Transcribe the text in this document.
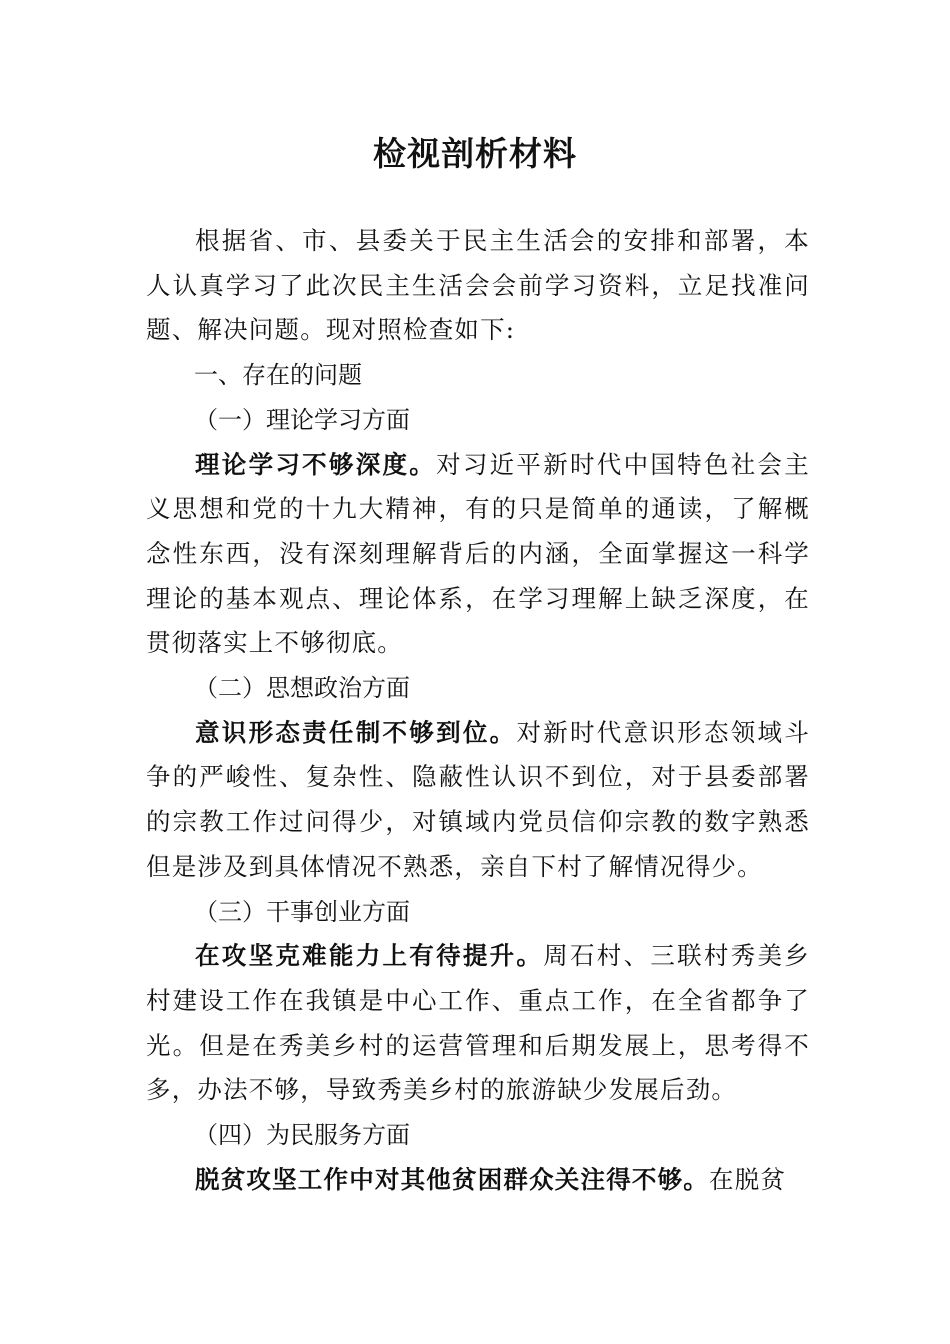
检视剖析材料

根据省、市、县委关于民主生活会的安排和部署，本人认真学习了此次民主生活会会前学习资料，立足找准问题、解决问题。现对照检查如下:

一、存在的问题

（一）理论学习方面

理论学习不够深度。对习近平新时代中国特色社会主义思想和党的十九大精神，有的只是简单的通读，了解概念性东西，没有深刻理解背后的内涵，全面掌握这一科学理论的基本观点、理论体系，在学习理解上缺乏深度，在贯彻落实上不够彻底。

（二）思想政治方面

意识形态责任制不够到位。对新时代意识形态领域斗争的严峻性、复杂性、隐蔽性认识不到位，对于县委部署的宗教工作过问得少，对镇域内党员信仰宗教的数字熟悉但是涉及到具体情况不熟悉，亲自下村了解情况得少。

（三）干事创业方面

在攻坚克难能力上有待提升。周石村、三联村秀美乡村建设工作在我镇是中心工作、重点工作，在全省都争了光。但是在秀美乡村的运营管理和后期发展上，思考得不多，办法不够，导致秀美乡村的旅游缺少发展后劲。

（四）为民服务方面

脱贫攻坚工作中对其他贫困群众关注得不够。在脱贫
